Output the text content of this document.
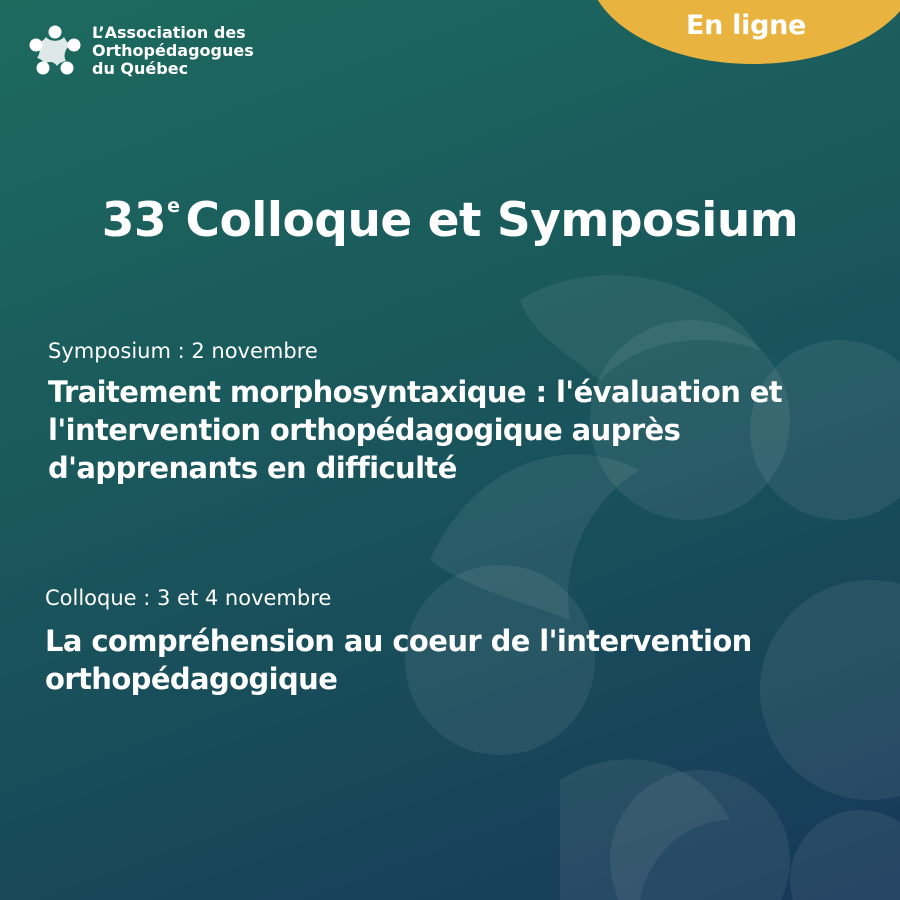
En ligne
L’Association des
Orthopédagogues
du Québec
33e Colloque et Symposium
Symposium : 2 novembre
Traitement morphosyntaxique : l'évaluation et
l'intervention orthopédagogique auprès
d'apprenants en difficulté
Colloque : 3 et 4 novembre
La compréhension au coeur de l'intervention
orthopédagogique
